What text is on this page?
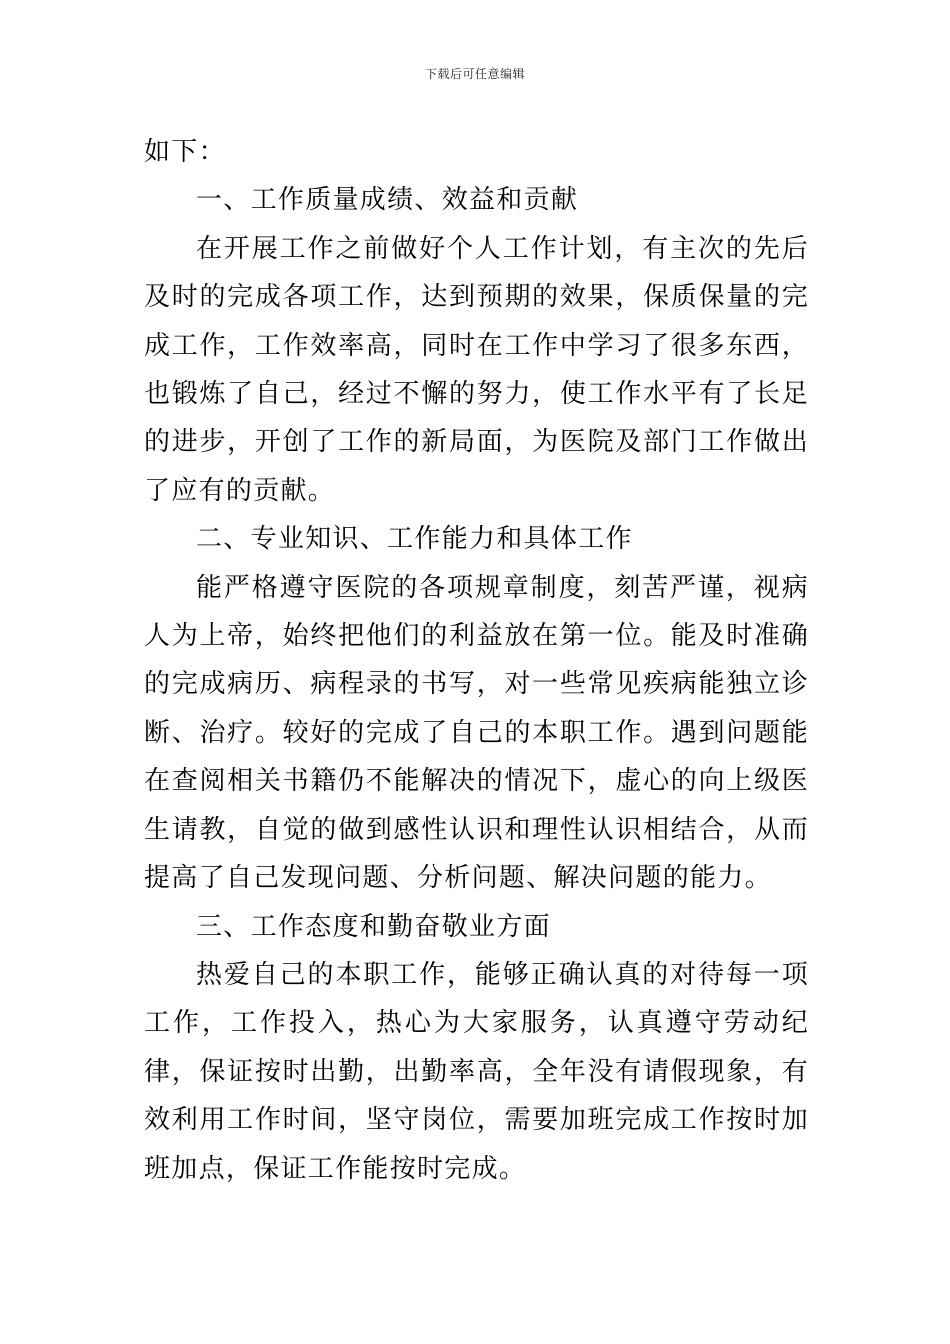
下载后可任意编辑

如下：

一、工作质量成绩、效益和贡献

在开展工作之前做好个人工作计划，有主次的先后及时的完成各项工作，达到预期的效果，保质保量的完成工作，工作效率高，同时在工作中学习了很多东西，也锻炼了自己，经过不懈的努力，使工作水平有了长足的进步，开创了工作的新局面，为医院及部门工作做出了应有的贡献。

二、专业知识、工作能力和具体工作

能严格遵守医院的各项规章制度，刻苦严谨，视病人为上帝，始终把他们的利益放在第一位。能及时准确的完成病历、病程录的书写，对一些常见疾病能独立诊断、治疗。较好的完成了自己的本职工作。遇到问题能在查阅相关书籍仍不能解决的情况下，虚心的向上级医生请教，自觉的做到感性认识和理性认识相结合，从而提高了自己发现问题、分析问题、解决问题的能力。

三、工作态度和勤奋敬业方面

热爱自己的本职工作，能够正确认真的对待每一项工作，工作投入，热心为大家服务，认真遵守劳动纪律，保证按时出勤，出勤率高，全年没有请假现象，有效利用工作时间，坚守岗位，需要加班完成工作按时加班加点，保证工作能按时完成。
